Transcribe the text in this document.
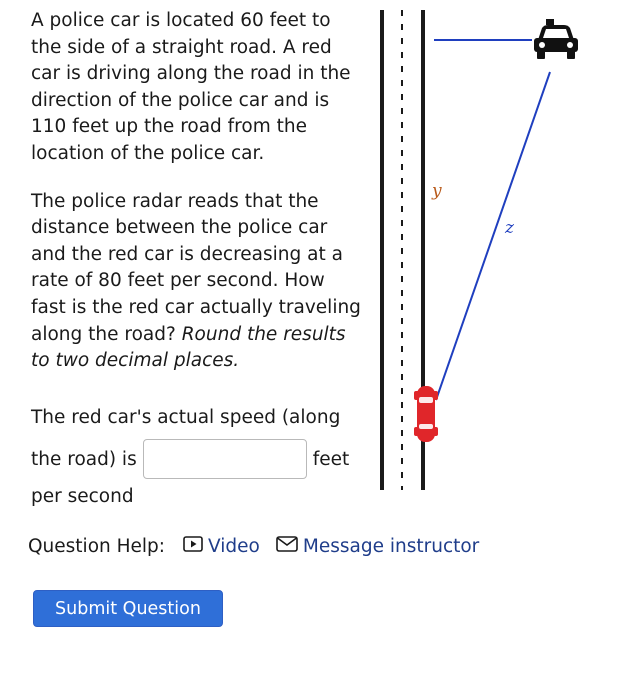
A police car is located 60 feet to the side of a straight road. A red car is driving along the road in the direction of the police car and is 110 feet up the road from the location of the police car.

The police radar reads that the distance between the police car and the red car is decreasing at a rate of 80 feet per second. How fast is the red car actually traveling along the road? Round the results to two decimal places.

The red car's actual speed (along
the road) is	feet
per second
y
z
Question Help: Video Message instructor
Submit Question
